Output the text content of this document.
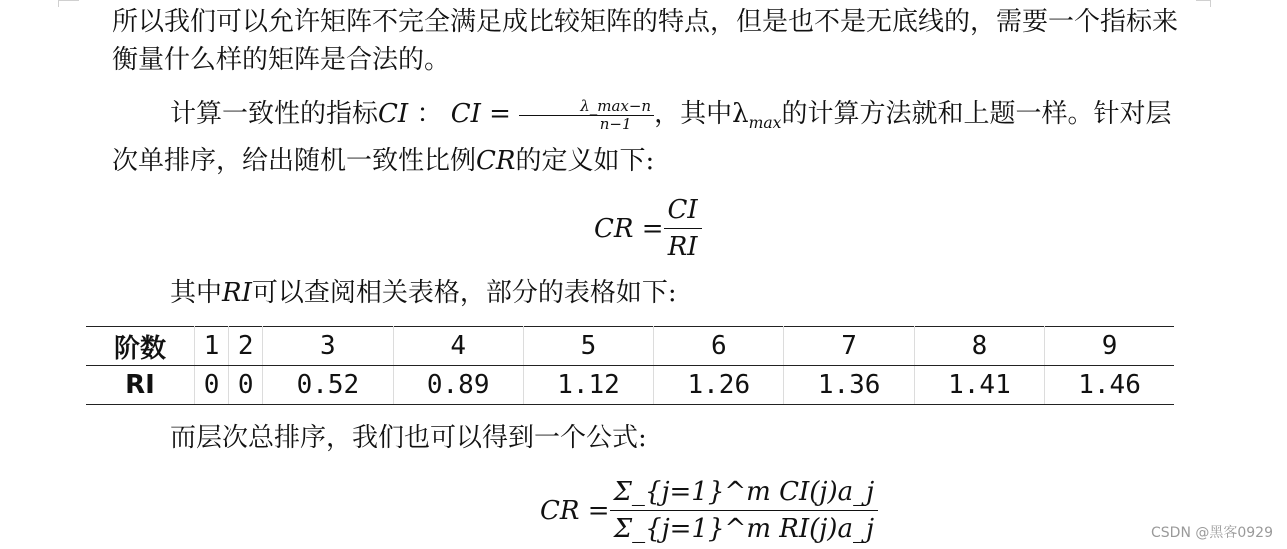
所以我们可以允许矩阵不完全满足成比较矩阵的特点，但是也不是无底线的，需要一个指标来衡量什么样的矩阵是合法的。

计算一致性的指标CI ： CI = $\frac{\lambda\_\max-n}{n-1}$ ，其中$\lambda_{max}$的计算方法就和上题一样。针对层次单排序，给出随机一致性比例CR的定义如下:

CR = $\frac{CI}{RI}$

其中RI可以查阅相关表格，部分的表格如下:

阶数	1	2	3	4	5	6	7	8	9
RI	0	0	0.52	0.89	1.12	1.26	1.36	1.41	1.46

而层次总排序，我们也可以得到一个公式:

CR = $\frac{\text{Σ\_\{j=1\}\textasciicircum{}m CI(j)a\_j}}{\text{Σ\_\{j=1\}\textasciicircum{}m RI(j)a\_j}}$	CSDN @黑客0929
